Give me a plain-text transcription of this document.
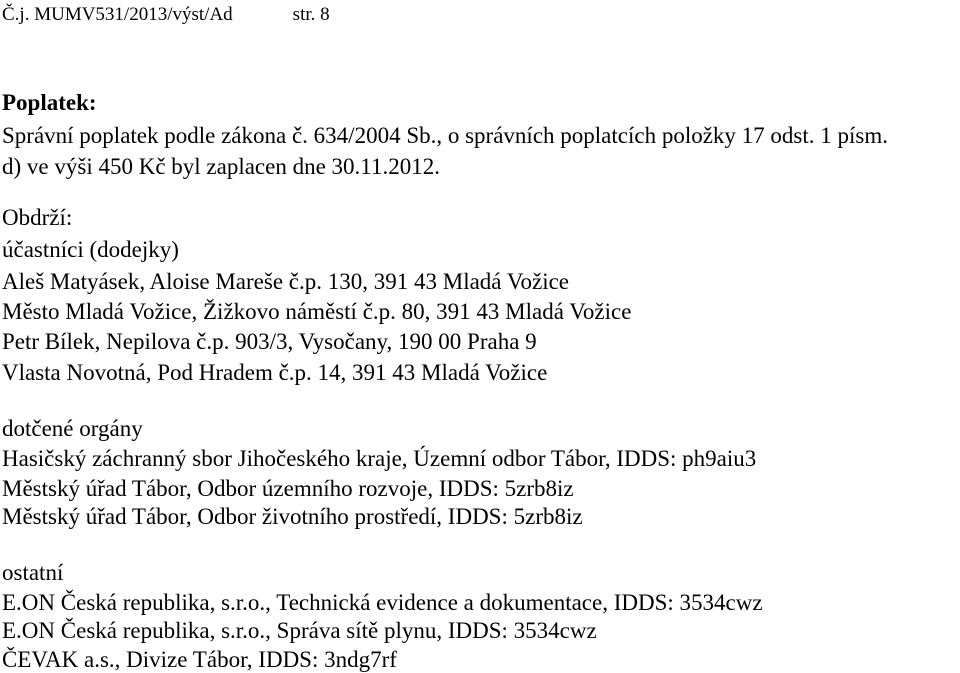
Č.j. MUMV531/2013/výst/Ad	str. 8
Poplatek:
Správní poplatek podle zákona č. 634/2004 Sb., o správních poplatcích položky 17 odst. 1 písm.
d) ve výši 450 Kč byl zaplacen dne 30.11.2012.
Obdrží:
účastníci (dodejky)
Aleš Matyásek, Aloise Mareše č.p. 130, 391 43 Mladá Vožice
Město Mladá Vožice, Žižkovo náměstí č.p. 80, 391 43 Mladá Vožice
Petr Bílek, Nepilova č.p. 903/3, Vysočany, 190 00 Praha 9
Vlasta Novotná, Pod Hradem č.p. 14, 391 43 Mladá Vožice
dotčené orgány
Hasičský záchranný sbor Jihočeského kraje, Územní odbor Tábor, IDDS: ph9aiu3
Městský úřad Tábor, Odbor územního rozvoje, IDDS: 5zrb8iz
Městský úřad Tábor, Odbor životního prostředí, IDDS: 5zrb8iz
ostatní
E.ON Česká republika, s.r.o., Technická evidence a dokumentace, IDDS: 3534cwz
E.ON Česká republika, s.r.o., Správa sítě plynu, IDDS: 3534cwz
ČEVAK a.s., Divize Tábor, IDDS: 3ndg7rf
